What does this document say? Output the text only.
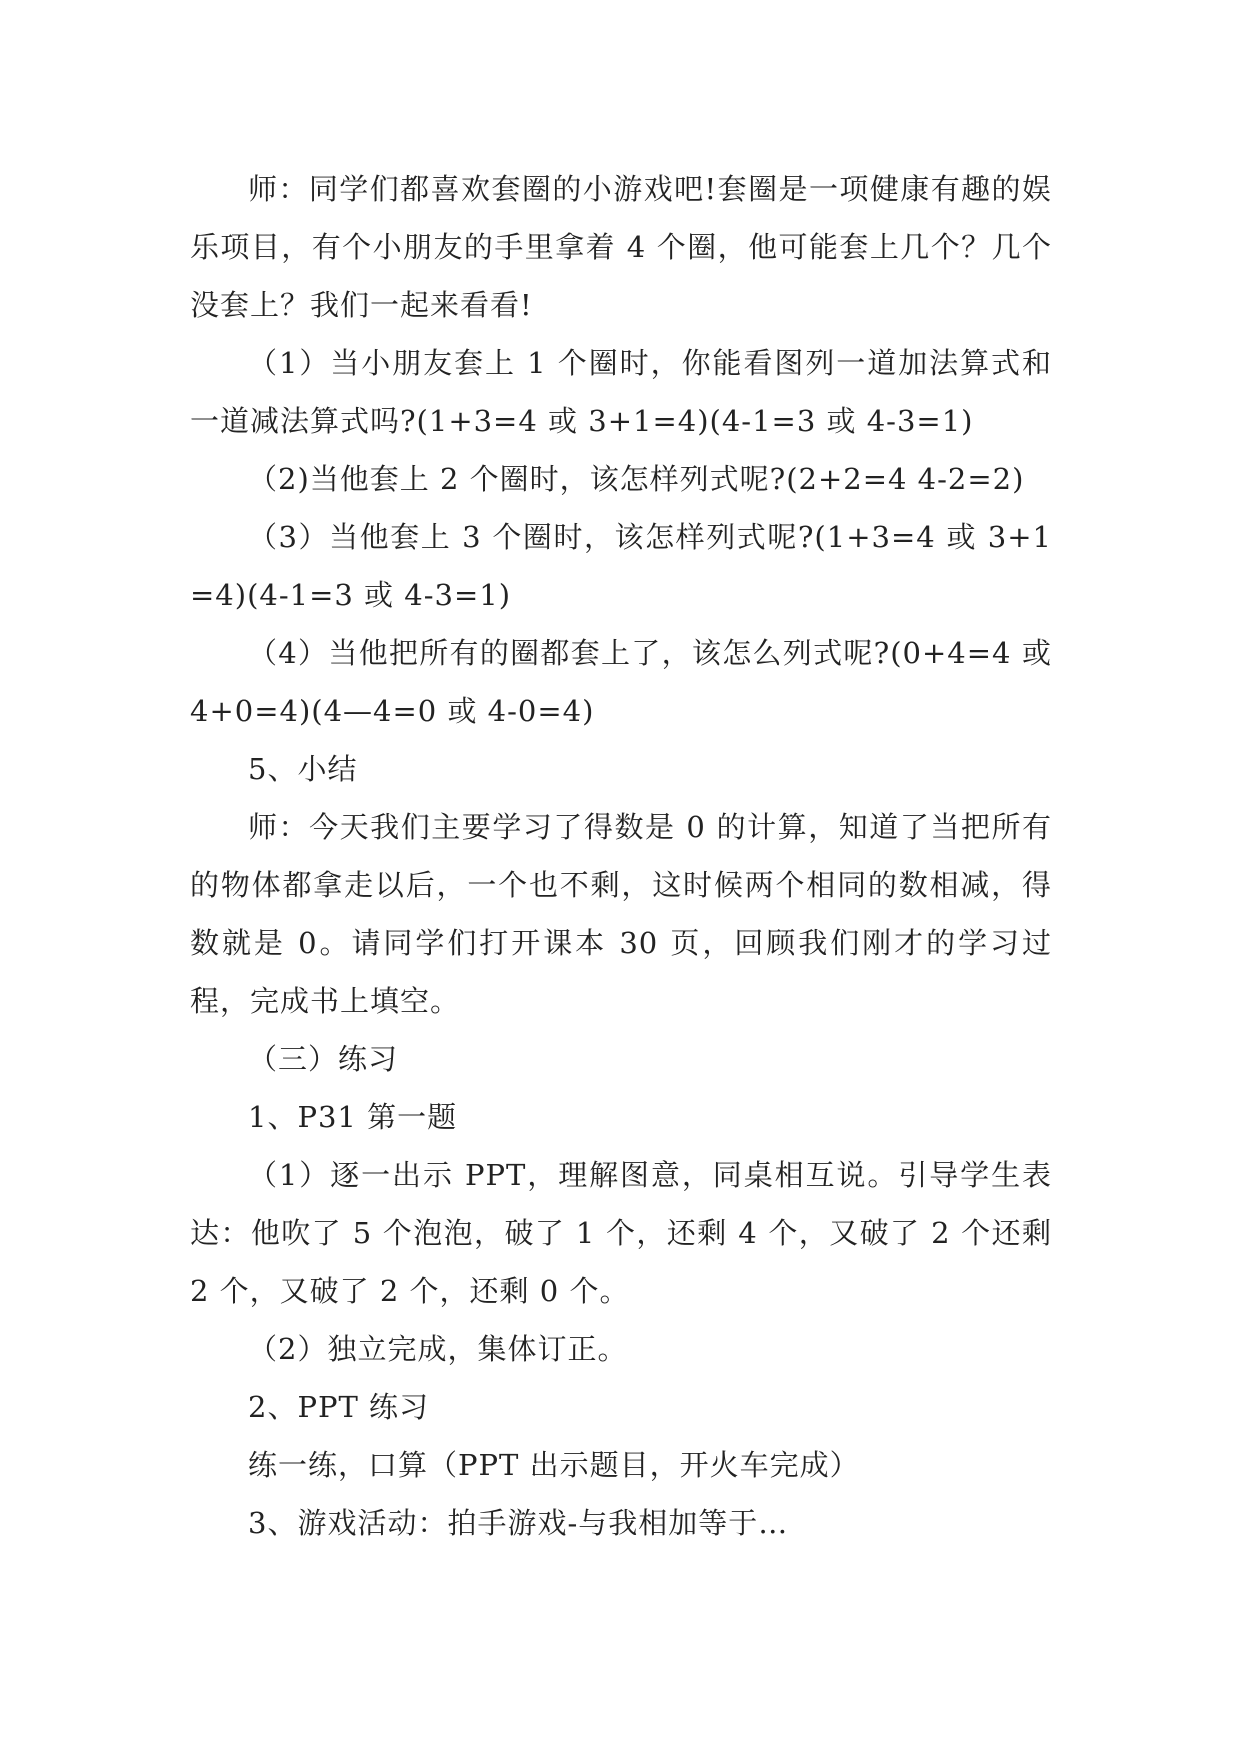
师：同学们都喜欢套圈的小游戏吧!套圈是一项健康有趣的娱乐项目，有个小朋友的手里拿着 4 个圈，他可能套上几个？几个没套上？我们一起来看看!

（1）当小朋友套上 1 个圈时，你能看图列一道加法算式和一道减法算式吗?(1+3=4 或 3+1=4)(4-1=3 或 4-3=1)

（2)当他套上 2 个圈时，该怎样列式呢?(2+2=4 4-2=2)

（3）当他套上 3 个圈时，该怎样列式呢?(1+3=4 或 3+1=4)(4-1=3 或 4-3=1)

（4）当他把所有的圈都套上了，该怎么列式呢?(0+4=4 或 4+0=4)(4—4=0 或 4-0=4)

5、小结

师：今天我们主要学习了得数是 0 的计算，知道了当把所有的物体都拿走以后，一个也不剩，这时候两个相同的数相减，得数就是 0。请同学们打开课本 30 页，回顾我们刚才的学习过程，完成书上填空。

（三）练习

1、P31 第一题

（1）逐一出示 PPT，理解图意，同桌相互说。引导学生表达：他吹了 5 个泡泡，破了 1 个，还剩 4 个，又破了 2 个还剩 2 个，又破了 2 个，还剩 0 个。

（2）独立完成，集体订正。

2、PPT 练习

练一练，口算（PPT 出示题目，开火车完成）

3、游戏活动：拍手游戏-与我相加等于…
